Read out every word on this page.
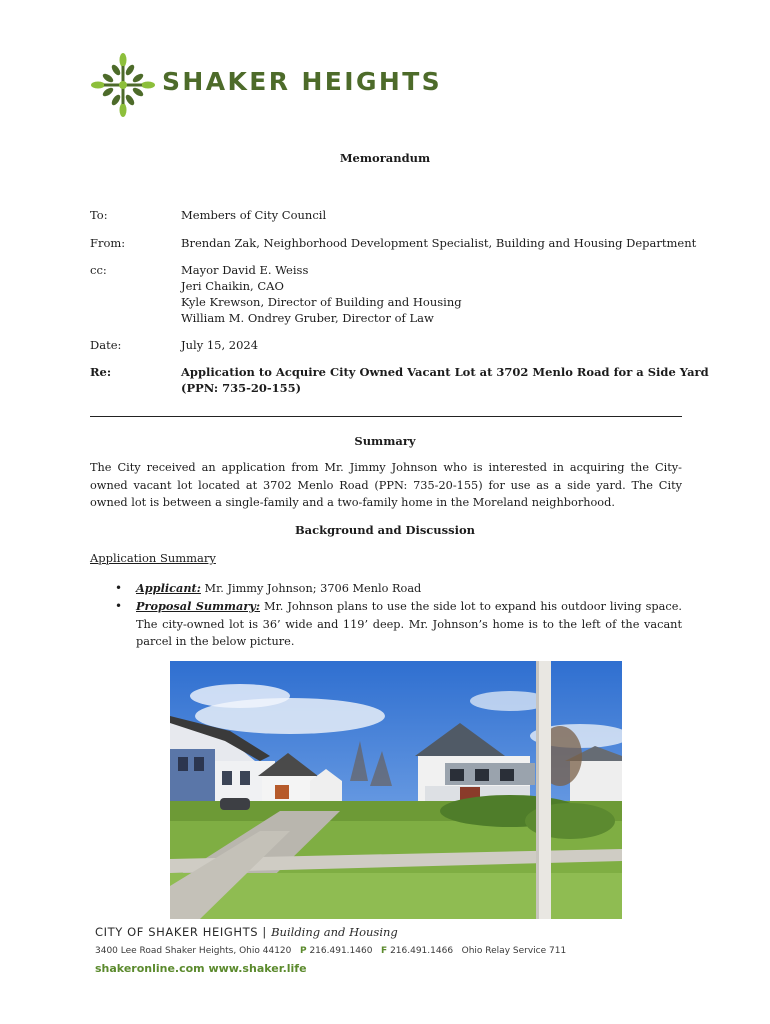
SHAKER HEIGHTS
Memorandum
To:	Members of City Council
From:	Brendan Zak, Neighborhood Development Specialist, Building and Housing Department
cc:	Mayor David E. Weiss
Jeri Chaikin, CAO
Kyle Krewson, Director of Building and Housing
William M. Ondrey Gruber, Director of Law
Date:	July 15, 2024
Re:	Application to Acquire City Owned Vacant Lot at 3702 Menlo Road for a Side Yard
(PPN: 735-20-155)
Summary
The City received an application from Mr. Jimmy Johnson who is interested in acquiring the City-owned vacant lot located at 3702 Menlo Road (PPN: 735-20-155) for use as a side yard. The City owned lot is between a single-family and a two-family home in the Moreland neighborhood.
Background and Discussion
Application Summary
• Applicant: Mr. Jimmy Johnson; 3706 Menlo Road
• Proposal Summary: Mr. Johnson plans to use the side lot to expand his outdoor living space. The city-owned lot is 36’ wide and 119’ deep. Mr. Johnson’s home is to the left of the vacant parcel in the below picture.
CITY OF SHAKER HEIGHTS | Building and Housing
3400 Lee Road Shaker Heights, Ohio 44120 P 216.491.1460 F 216.491.1466 Ohio Relay Service 711
shakeronline.com www.shaker.life
